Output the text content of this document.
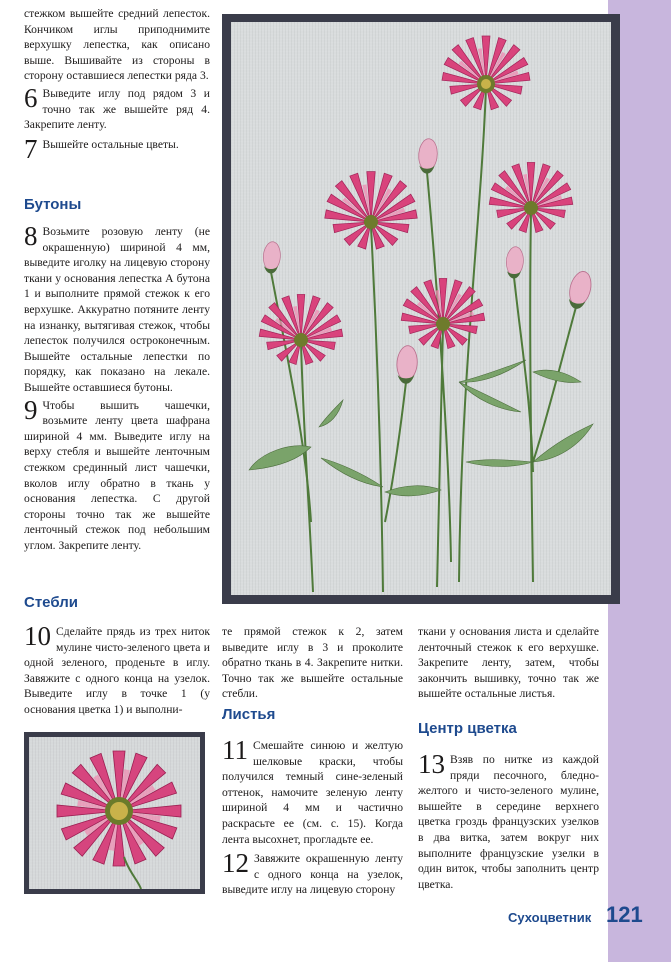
стежком вышейте средний лепесток. Кончиком иглы приподнимите верхушку лепестка, как описано выше. Вышивайте из стороны в сторону оставшиеся лепестки ряда 3.

6 Выведите иглу под рядом 3 и точно так же вышейте ряд 4. Закрепите ленту.
7 Вышейте остальные цветы.
Бутоны
8 Возьмите розовую ленту (не окрашенную) шириной 4 мм, выведите иголку на лицевую сторону ткани у основания лепестка А бутона 1 и выполните прямой стежок к его верхушке. Аккуратно потяните ленту на изнанку, вытягивая стежок, чтобы лепесток получился остроконечным. Вышейте остальные лепестки по порядку, как показано на лекале. Вышейте оставшиеся бутоны.
9 Чтобы вышить чашечки, возьмите ленту цвета шафрана шириной 4 мм. Выведите иглу на верху стебля и вышейте ленточным стежком срединный лист чашечки, вколов иглу обратно в ткань у основания лепестка. С другой стороны точно так же вышейте ленточный стежок под небольшим углом. Закрепите ленту.
Стебли
10 Сделайте прядь из трех ниток мулине чисто-зеленого цвета и одной зеленого, проденьте в иглу. Завяжите с одного конца на узелок. Выведите иглу в точке 1 (у основания цветка 1) и выполни-

те прямой стежок к 2, затем выведите иглу в 3 и проколите обратно ткань в 4. Закрепите нитки. Точно так же вышейте остальные стебли.

Листья
11 Смешайте синюю и желтую шелковые краски, чтобы получился темный сине-зеленый оттенок, намочите зеленую ленту шириной 4 мм и частично раскрасьте ее (см. с. 15). Когда лента высохнет, прогладьте ее.
12 Завяжите окрашенную ленту с одного конца на узелок, выведите иглу на лицевую сторону

ткани у основания листа и сделайте ленточный стежок к его верхушке. Закрепите ленту, затем, чтобы закончить вышивку, точно так же вышейте остальные листья.

Центр цветка
13 Взяв по нитке из каждой пряди песочного, бледно-желтого и чисто-зеленого мулине, вышейте в середине верхнего цветка гроздь французских узелков в два витка, затем вокруг них выполните французские узелки в один виток, чтобы заполнить центр цветка.
Сухоцветник 121
